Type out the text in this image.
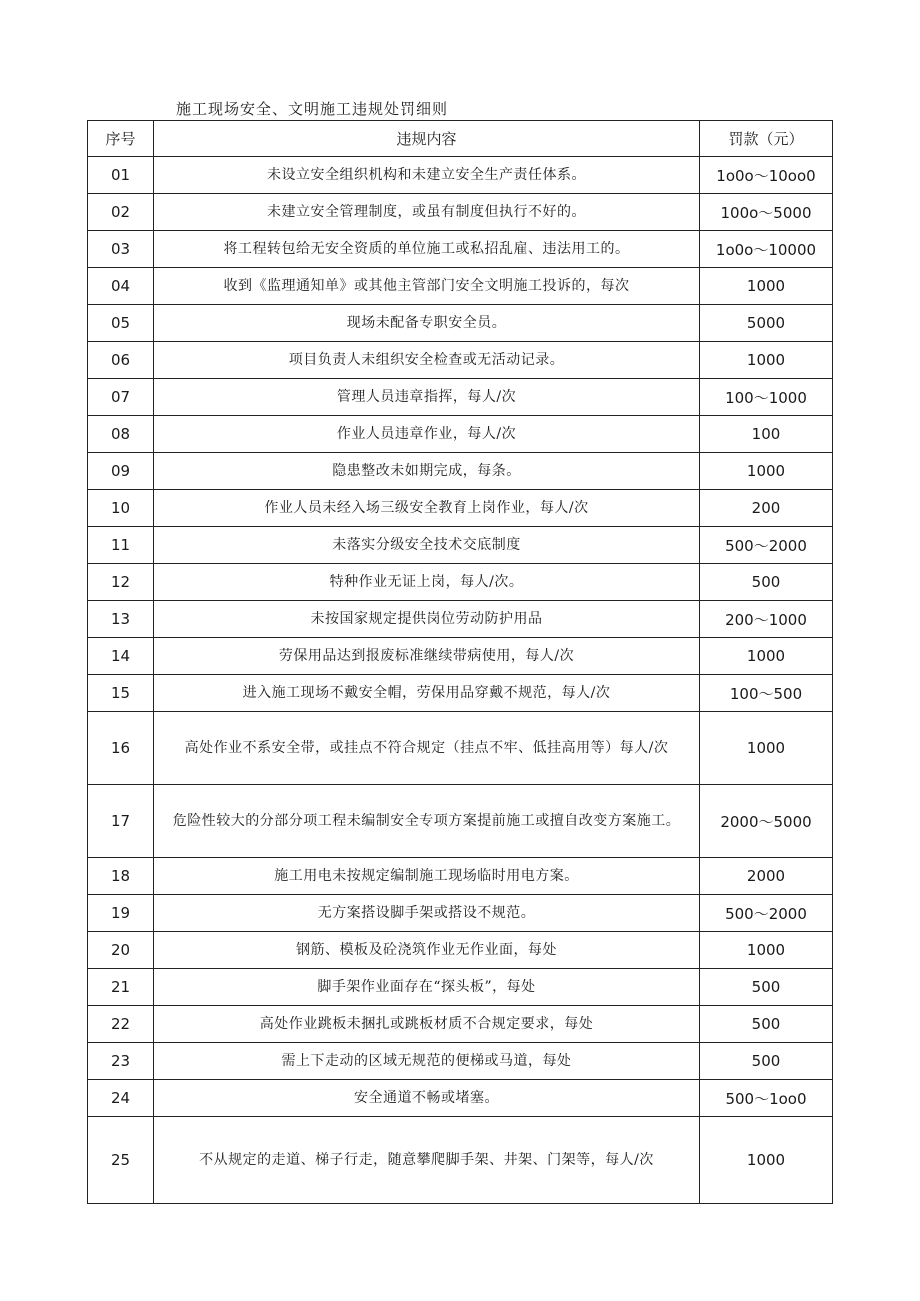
施工现场安全、文明施工违规处罚细则
序号	违规内容	罚款（元）
01	未设立安全组织机构和未建立安全生产责任体系。	1o0o～10oo0
02	未建立安全管理制度，或虽有制度但执行不好的。	100o～5000
03	将工程转包给无安全资质的单位施工或私招乱雇、违法用工的。	1o0o～10000
04	收到《监理通知单》或其他主管部门安全文明施工投诉的，每次	1000
05	现场未配备专职安全员。	5000
06	项目负责人未组织安全检查或无活动记录。	1000
07	管理人员违章指挥，每人/次	100～1000
08	作业人员违章作业，每人/次	100
09	隐患整改未如期完成，每条。	1000
10	作业人员未经入场三级安全教育上岗作业，每人/次	200
11	未落实分级安全技术交底制度	500～2000
12	特种作业无证上岗，每人/次。	500
13	未按国家规定提供岗位劳动防护用品	200～1000
14	劳保用品达到报废标准继续带病使用，每人/次	1000
15	进入施工现场不戴安全帽，劳保用品穿戴不规范，每人/次	100～500
16	高处作业不系安全带，或挂点不符合规定（挂点不牢、低挂高用等）每人/次	1000
17	危险性较大的分部分项工程未编制安全专项方案提前施工或擅自改变方案施工。	2000～5000
18	施工用电未按规定编制施工现场临时用电方案。	2000
19	无方案搭设脚手架或搭设不规范。	500～2000
20	钢筋、模板及砼浇筑作业无作业面，每处	1000
21	脚手架作业面存在“探头板”，每处	500
22	高处作业跳板未捆扎或跳板材质不合规定要求，每处	500
23	需上下走动的区域无规范的便梯或马道，每处	500
24	安全通道不畅或堵塞。	500～1oo0
25	不从规定的走道、梯子行走，随意攀爬脚手架、井架、门架等，每人/次	1000
